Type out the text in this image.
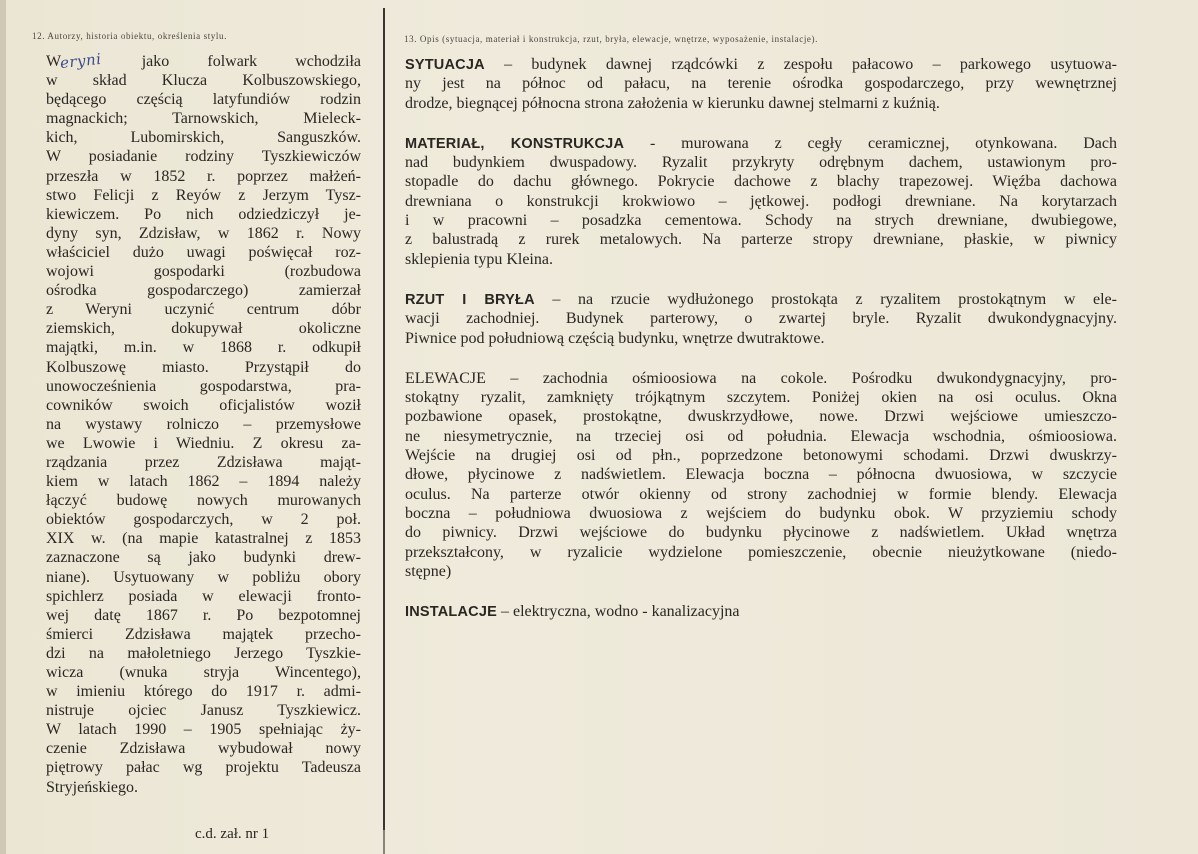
12. Autorzy, historia obiektu, określenia stylu.	13. Opis (sytuacja, materiał i konstrukcja, rzut, bryła, elewacje, wnętrze, wyposażenie, instalacje).
Weryni jako folwark wchodziła
w skład Klucza Kolbuszowskiego,
będącego częścią latyfundiów rodzin
magnackich; Tarnowskich, Mieleck-
kich, Lubomirskich, Sanguszków.
W posiadanie rodziny Tyszkiewiczów
przeszła w 1852 r. poprzez małżeń-
stwo Felicji z Reyów z Jerzym Tysz-
kiewiczem. Po nich odziedziczył je-
dyny syn, Zdzisław, w 1862 r. Nowy
właściciel dużo uwagi poświęcał roz-
wojowi gospodarki (rozbudowa
ośrodka gospodarczego) zamierzał
z Weryni uczynić centrum dóbr
ziemskich, dokupywał okoliczne
majątki, m.in. w 1868 r. odkupił
Kolbuszowę miasto. Przystąpił do
unowocześnienia gospodarstwa, pra-
cowników swoich oficjalistów woził
na wystawy rolniczo – przemysłowe
we Lwowie i Wiedniu. Z okresu za-
rządzania przez Zdzisława mająt-
kiem w latach 1862 – 1894 należy
łączyć budowę nowych murowanych
obiektów gospodarczych, w 2 poł.
XIX w. (na mapie katastralnej z 1853
zaznaczone są jako budynki drew-
niane). Usytuowany w pobliżu obory
spichlerz posiada w elewacji fronto-
wej datę 1867 r. Po bezpotomnej
śmierci Zdzisława majątek przecho-
dzi na małoletniego Jerzego Tyszkie-
wicza (wnuka stryja Wincentego),
w imieniu którego do 1917 r. admi-
nistruje ojciec Janusz Tyszkiewicz.
W latach 1990 – 1905 spełniając ży-
czenie Zdzisława wybudował nowy
piętrowy pałac wg projektu Tadeusza
Stryjeńskiego.
c.d. zał. nr 1
SYTUACJA – budynek dawnej rządcówki z zespołu pałacowo – parkowego usytuowa-
ny jest na północ od pałacu, na terenie ośrodka gospodarczego, przy wewnętrznej
drodze, biegnącej północna strona założenia w kierunku dawnej stelmarni z kuźnią.
MATERIAŁ, KONSTRUKCJA - murowana z cegły ceramicznej, otynkowana. Dach
nad budynkiem dwuspadowy. Ryzalit przykryty odrębnym dachem, ustawionym pro-
stopadle do dachu głównego. Pokrycie dachowe z blachy trapezowej. Więźba dachowa
drewniana o konstrukcji krokwiowo – jętkowej. podłogi drewniane. Na korytarzach
i w pracowni – posadzka cementowa. Schody na strych drewniane, dwubiegowe,
z balustradą z rurek metalowych. Na parterze stropy drewniane, płaskie, w piwnicy
sklepienia typu Kleina.
RZUT I BRYŁA – na rzucie wydłużonego prostokąta z ryzalitem prostokątnym w ele-
wacji zachodniej. Budynek parterowy, o zwartej bryle. Ryzalit dwukondygnacyjny.
Piwnice pod południową częścią budynku, wnętrze dwutraktowe.
ELEWACJE – zachodnia ośmioosiowa na cokole. Pośrodku dwukondygnacyjny, pro-
stokątny ryzalit, zamknięty trójkątnym szczytem. Poniżej okien na osi oculus. Okna
pozbawione opasek, prostokątne, dwuskrzydłowe, nowe. Drzwi wejściowe umieszczo-
ne niesymetrycznie, na trzeciej osi od południa. Elewacja wschodnia, ośmioosiowa.
Wejście na drugiej osi od płn., poprzedzone betonowymi schodami. Drzwi dwuskrzy-
dłowe, płycinowe z nadświetlem. Elewacja boczna – północna dwuosiowa, w szczycie
oculus. Na parterze otwór okienny od strony zachodniej w formie blendy. Elewacja
boczna – południowa dwuosiowa z wejściem do budynku obok. W przyziemiu schody
do piwnicy. Drzwi wejściowe do budynku płycinowe z nadświetlem. Układ wnętrza
przekształcony, w ryzalicie wydzielone pomieszczenie, obecnie nieużytkowane (niedo-
stępne)
INSTALACJE – elektryczna, wodno - kanalizacyjna
